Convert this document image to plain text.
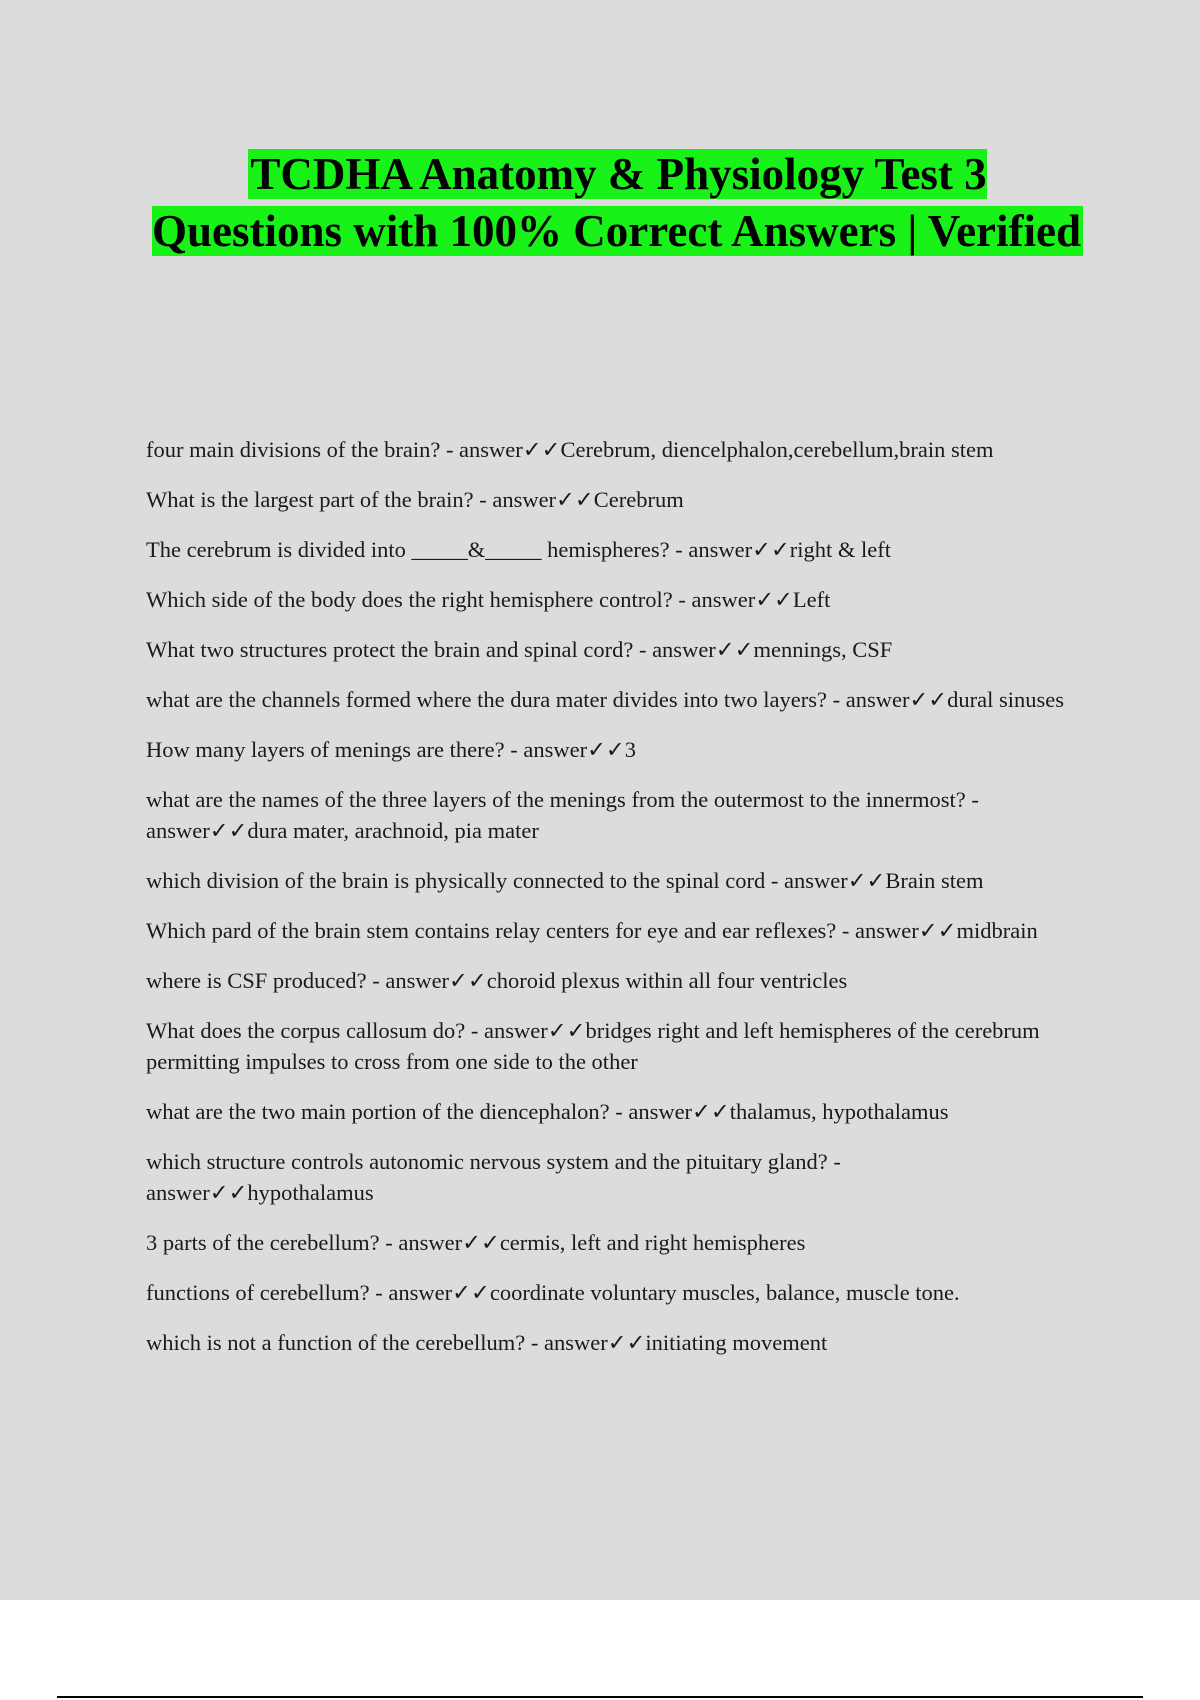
TCDHA Anatomy & Physiology Test 3 Questions with 100% Correct Answers | Verified

four main divisions of the brain? - answer✓✓Cerebrum, diencelphalon,cerebellum,brain stem

What is the largest part of the brain? - answer✓✓Cerebrum

The cerebrum is divided into _____&_____ hemispheres? - answer✓✓right & left

Which side of the body does the right hemisphere control? - answer✓✓Left

What two structures protect the brain and spinal cord? - answer✓✓mennings, CSF

what are the channels formed where the dura mater divides into two layers? - answer✓✓dural sinuses

How many layers of menings are there? - answer✓✓3

what are the names of the three layers of the menings from the outermost to the innermost? - answer✓✓dura mater, arachnoid, pia mater

which division of the brain is physically connected to the spinal cord - answer✓✓Brain stem

Which pard of the brain stem contains relay centers for eye and ear reflexes? - answer✓✓midbrain

where is CSF produced? - answer✓✓choroid plexus within all four ventricles

What does the corpus callosum do? - answer✓✓bridges right and left hemispheres of the cerebrum permitting impulses to cross from one side to the other

what are the two main portion of the diencephalon? - answer✓✓thalamus, hypothalamus

which structure controls autonomic nervous system and the pituitary gland? - answer✓✓hypothalamus

3 parts of the cerebellum? - answer✓✓cermis, left and right hemispheres

functions of cerebellum? - answer✓✓coordinate voluntary muscles, balance, muscle tone.

which is not a function of the cerebellum? - answer✓✓initiating movement
